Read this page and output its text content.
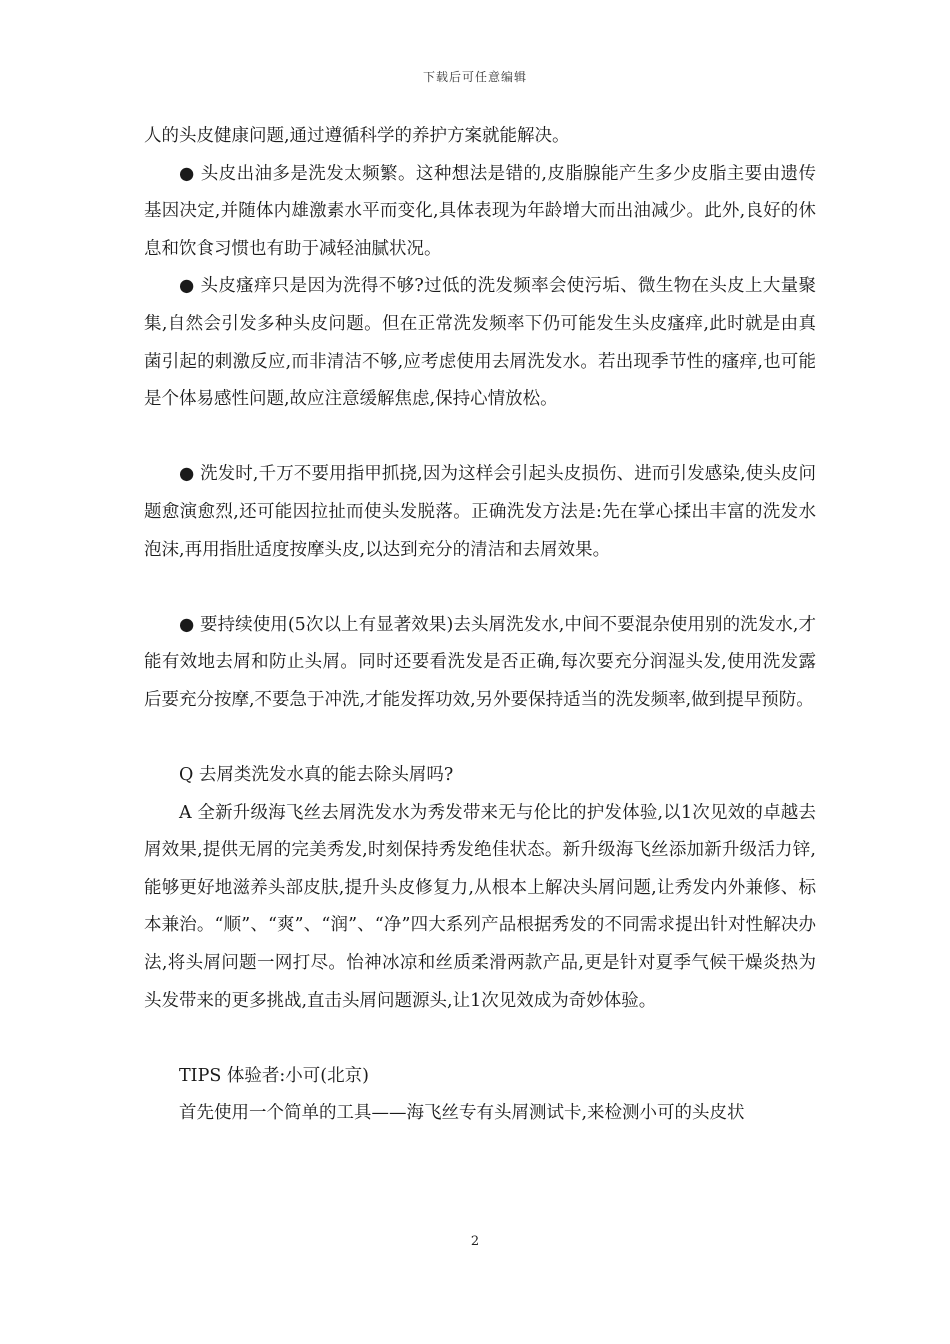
下载后可任意编辑

人的头皮健康问题,通过遵循科学的养护方案就能解决。

● 头皮出油多是洗发太频繁。这种想法是错的,皮脂腺能产生多少皮脂主要由遗传基因决定,并随体内雄激素水平而变化,具体表现为年龄增大而出油减少。此外,良好的休息和饮食习惯也有助于减轻油腻状况。

● 头皮瘙痒只是因为洗得不够?过低的洗发频率会使污垢、微生物在头皮上大量聚集,自然会引发多种头皮问题。但在正常洗发频率下仍可能发生头皮瘙痒,此时就是由真菌引起的刺激反应,而非清洁不够,应考虑使用去屑洗发水。若出现季节性的瘙痒,也可能是个体易感性问题,故应注意缓解焦虑,保持心情放松。

● 洗发时,千万不要用指甲抓挠,因为这样会引起头皮损伤、进而引发感染,使头皮问题愈演愈烈,还可能因拉扯而使头发脱落。正确洗发方法是:先在掌心揉出丰富的洗发水泡沫,再用指肚适度按摩头皮,以达到充分的清洁和去屑效果。

● 要持续使用(5次以上有显著效果)去头屑洗发水,中间不要混杂使用别的洗发水,才能有效地去屑和防止头屑。同时还要看洗发是否正确,每次要充分润湿头发,使用洗发露后要充分按摩,不要急于冲洗,才能发挥功效,另外要保持适当的洗发频率,做到提早预防。

Q 去屑类洗发水真的能去除头屑吗?

A 全新升级海飞丝去屑洗发水为秀发带来无与伦比的护发体验,以1次见效的卓越去屑效果,提供无屑的完美秀发,时刻保持秀发绝佳状态。新升级海飞丝添加新升级活力锌,能够更好地滋养头部皮肤,提升头皮修复力,从根本上解决头屑问题,让秀发内外兼修、标本兼治。“顺”、“爽”、“润”、“净”四大系列产品根据秀发的不同需求提出针对性解决办法,将头屑问题一网打尽。怡神冰凉和丝质柔滑两款产品,更是针对夏季气候干燥炎热为头发带来的更多挑战,直击头屑问题源头,让1次见效成为奇妙体验。

TIPS 体验者:小可(北京)

首先使用一个简单的工具——海飞丝专有头屑测试卡,来检测小可的头皮状

2
